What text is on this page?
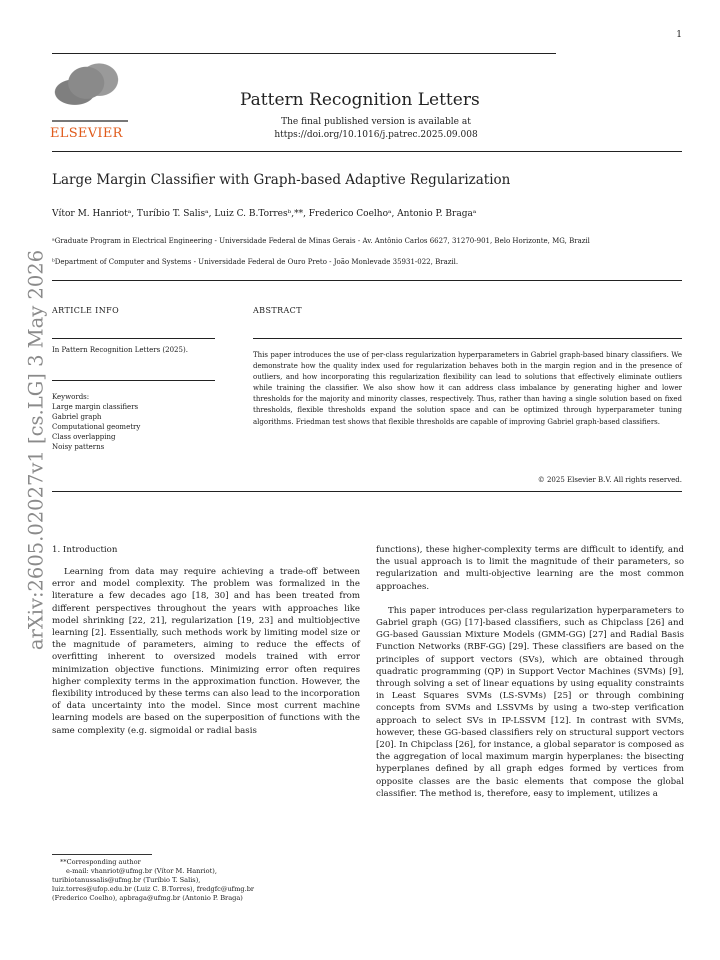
1
ELSEVIER
Pattern Recognition Letters
The final published version is available at
https://doi.org/10.1016/j.patrec.2025.09.008
Large Margin Classifier with Graph-based Adaptive Regularization
Vítor M. Hanriotᵃ, Turíbio T. Salisᵃ, Luiz C. B.Torresᵇ,**, Frederico Coelhoᵃ, Antonio P. Bragaᵃ
ᵃGraduate Program in Electrical Engineering - Universidade Federal de Minas Gerais - Av. Antônio Carlos 6627, 31270-901, Belo Horizonte, MG, Brazil
ᵇDepartment of Computer and Systems - Universidade Federal de Ouro Preto - João Monlevade 35931-022, Brazil.
ARTICLE INFO	ABSTRACT
In Pattern Recognition Letters (2025).
Keywords:
Large margin classifiers
Gabriel graph
Computational geometry
Class overlapping
Noisy patterns
This paper introduces the use of per-class regularization hyperparameters in Gabriel graph-based binary classifiers. We demonstrate how the quality index used for regularization behaves both in the margin region and in the presence of outliers, and how incorporating this regularization flexibility can lead to solutions that effectively eliminate outliers while training the classifier. We also show how it can address class imbalance by generating higher and lower thresholds for the majority and minority classes, respectively. Thus, rather than having a single solution based on fixed thresholds, flexible thresholds expand the solution space and can be optimized through hyperparameter tuning algorithms. Friedman test shows that flexible thresholds are capable of improving Gabriel graph-based classifiers.
© 2025 Elsevier B.V. All rights reserved.
arXiv:2605.02027v1 [cs.LG] 3 May 2026 1. Introduction

Learning from data may require achieving a trade-off between error and model complexity. The problem was formalized in the literature a few decades ago [18, 30] and has been treated from different perspectives throughout the years with approaches like model shrinking [22, 21], regularization [19, 23] and multiobjective learning [2]. Essentially, such methods work by limiting model size or the magnitude of parameters, aiming to reduce the effects of overfitting inherent to oversized models trained with error minimization objective functions. Minimizing error often requires higher complexity terms in the approximation function. However, the flexibility introduced by these terms can also lead to the incorporation of data uncertainty into the model. Since most current machine learning models are based on the superposition of functions with the same complexity (e.g. sigmoidal or radial basis

functions), these higher-complexity terms are difficult to identify, and the usual approach is to limit the magnitude of their parameters, so regularization and multi-objective learning are the most common approaches.

This paper introduces per-class regularization hyperparameters to Gabriel graph (GG) [17]-based classifiers, such as Chipclass [26] and GG-based Gaussian Mixture Models (GMM-GG) [27] and Radial Basis Function Networks (RBF-GG) [29]. These classifiers are based on the principles of support vectors (SVs), which are obtained through quadratic programming (QP) in Support Vector Machines (SVMs) [9], through solving a set of linear equations by using equality constraints in Least Squares SVMs (LS-SVMs) [25] or through combining concepts from SVMs and LSSVMs by using a two-step verification approach to select SVs in IP-LSSVM [12]. In contrast with SVMs, however, these GG-based classifiers rely on structural support vectors [20]. In Chipclass [26], for instance, a global separator is composed as the aggregation of local maximum margin hyperplanes: the bisecting hyperplanes defined by all graph edges formed by vertices from opposite classes are the basic elements that compose the global classifier. The method is, therefore, easy to implement, utilizes a

**Corresponding author
e-mail: vhanriot@ufmg.br (Vítor M. Hanriot),
turibiotanussalis@ufmg.br (Turíbio T. Salis),
luiz.torres@ufop.edu.br (Luiz C. B.Torres), fredgfc@ufmg.br
(Frederico Coelho), apbraga@ufmg.br (Antonio P. Braga)
